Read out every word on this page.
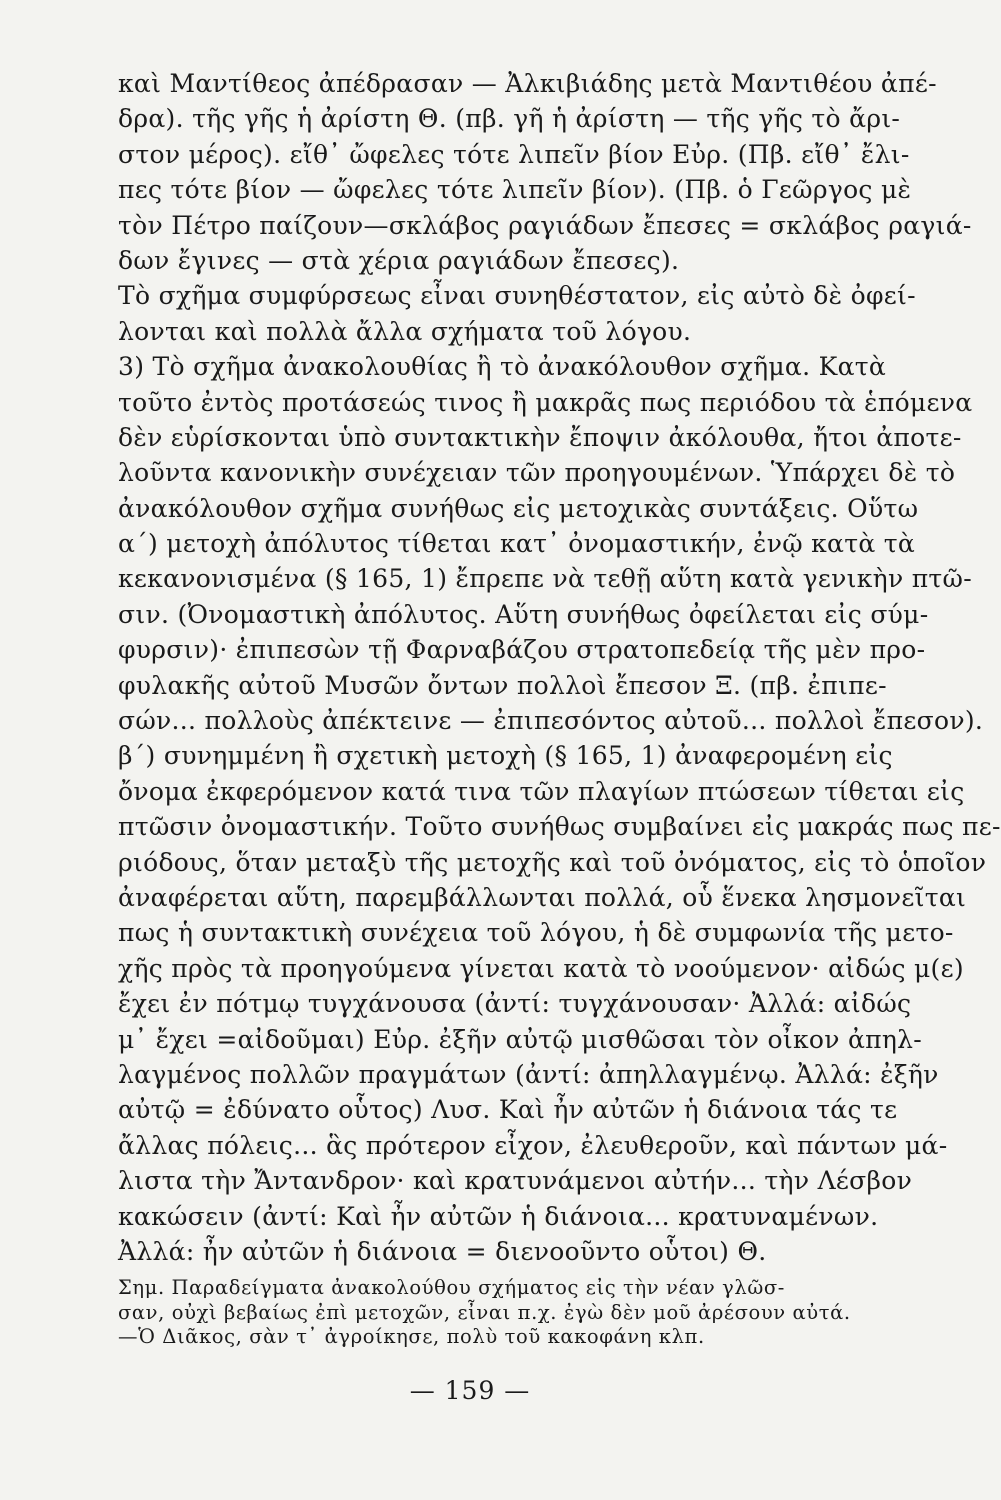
καὶ Μαντίθεος ἀπέδρασαν — Ἀλκιβιάδης μετὰ Μαντιθέου ἀπέ-
δρα). τῆς γῆς ἡ ἀρίστη Θ. (πβ. γῆ ἡ ἀρίστη — τῆς γῆς τὸ ἄρι-
στον μέρος). εἴθ᾽ ὤφελες τότε λιπεῖν βίον Εὐρ. (Πβ. εἴθ᾽ ἔλι-
πες τότε βίον — ὤφελες τότε λιπεῖν βίον). (Πβ. ὁ Γεῶργος μὲ
τὸν Πέτρο παίζουν—σκλάβος ραγιάδων ἔπεσες = σκλάβος ραγιά-
δων ἔγινες — στὰ χέρια ραγιάδων ἔπεσες).
Τὸ σχῆμα συμφύρσεως εἶναι συνηθέστατον, εἰς αὐτὸ δὲ ὀφεί-
λονται καὶ πολλὰ ἄλλα σχήματα τοῦ λόγου.
3) Τὸ σχῆμα ἀνακολουθίας ἢ τὸ ἀνακόλουθον σχῆμα. Κατὰ
τοῦτο ἐντὸς προτάσεώς τινος ἢ μακρᾶς πως περιόδου τὰ ἑπόμενα
δὲν εὑρίσκονται ὑπὸ συντακτικὴν ἔποψιν ἀκόλουθα, ἤτοι ἀποτε-
λοῦντα κανονικὴν συνέχειαν τῶν προηγουμένων. Ὑπάρχει δὲ τὸ
ἀνακόλουθον σχῆμα συνήθως εἰς μετοχικὰς συντάξεις. Οὕτω
α΄) μετοχὴ ἀπόλυτος τίθεται κατ᾽ ὀνομαστικήν, ἐνῷ κατὰ τὰ
κεκανονισμένα (§ 165, 1) ἔπρεπε νὰ τεθῇ αὕτη κατὰ γενικὴν πτῶ-
σιν. (Ὀνομαστικὴ ἀπόλυτος. Αὕτη συνήθως ὀφείλεται εἰς σύμ-
φυρσιν)· ἐπιπεσὼν τῇ Φαρναβάζου στρατοπεδείᾳ τῆς μὲν προ-
φυλακῆς αὐτοῦ Μυσῶν ὄντων πολλοὶ ἔπεσον Ξ. (πβ. ἐπιπε-
σών... πολλοὺς ἀπέκτεινε — ἐπιπεσόντος αὐτοῦ... πολλοὶ ἔπεσον).
β΄) συνημμένη ἢ σχετικὴ μετοχὴ (§ 165, 1) ἀναφερομένη εἰς
ὄνομα ἐκφερόμενον κατά τινα τῶν πλαγίων πτώσεων τίθεται εἰς
πτῶσιν ὀνομαστικήν. Τοῦτο συνήθως συμβαίνει εἰς μακράς πως πε-
ριόδους, ὅταν μεταξὺ τῆς μετοχῆς καὶ τοῦ ὀνόματος, εἰς τὸ ὁποῖον
ἀναφέρεται αὕτη, παρεμβάλλωνται πολλά, οὗ ἕνεκα λησμονεῖται
πως ἡ συντακτικὴ συνέχεια τοῦ λόγου, ἡ δὲ συμφωνία τῆς μετο-
χῆς πρὸς τὰ προηγούμενα γίνεται κατὰ τὸ νοούμενον· αἰδώς μ(ε)
ἔχει ἐν πότμῳ τυγχάνουσα (ἀντί: τυγχάνουσαν· Ἀλλά: αἰδώς
μ᾽ ἔχει =αἰδοῦμαι) Εὐρ. ἐξῆν αὐτῷ μισθῶσαι τὸν οἶκον ἀπηλ-
λαγμένος πολλῶν πραγμάτων (ἀντί: ἀπηλλαγμένῳ. Ἀλλά: ἐξῆν
αὐτῷ = ἐδύνατο οὗτος) Λυσ. Καὶ ἦν αὐτῶν ἡ διάνοια τάς τε
ἄλλας πόλεις... ἃς πρότερον εἶχον, ἐλευθεροῦν, καὶ πάντων μά-
λιστα τὴν Ἄντανδρον· καὶ κρατυνάμενοι αὐτήν... τὴν Λέσβον
κακώσειν (ἀντί: Καὶ ἦν αὐτῶν ἡ διάνοια... κρατυναμένων.
Ἀλλά: ἦν αὐτῶν ἡ διάνοια = διενοοῦντο οὗτοι) Θ.
Σημ. Παραδείγματα ἀνακολούθου σχήματος εἰς τὴν νέαν γλῶσ-
σαν, οὐχὶ βεβαίως ἐπὶ μετοχῶν, εἶναι π.χ. ἐγὼ δὲν μοῦ ἀρέσουν αὐτά.
—Ὁ Διᾶκος, σὰν τ᾽ ἀγροίκησε, πολὺ τοῦ κακοφάνη κλπ.
— 159 —
